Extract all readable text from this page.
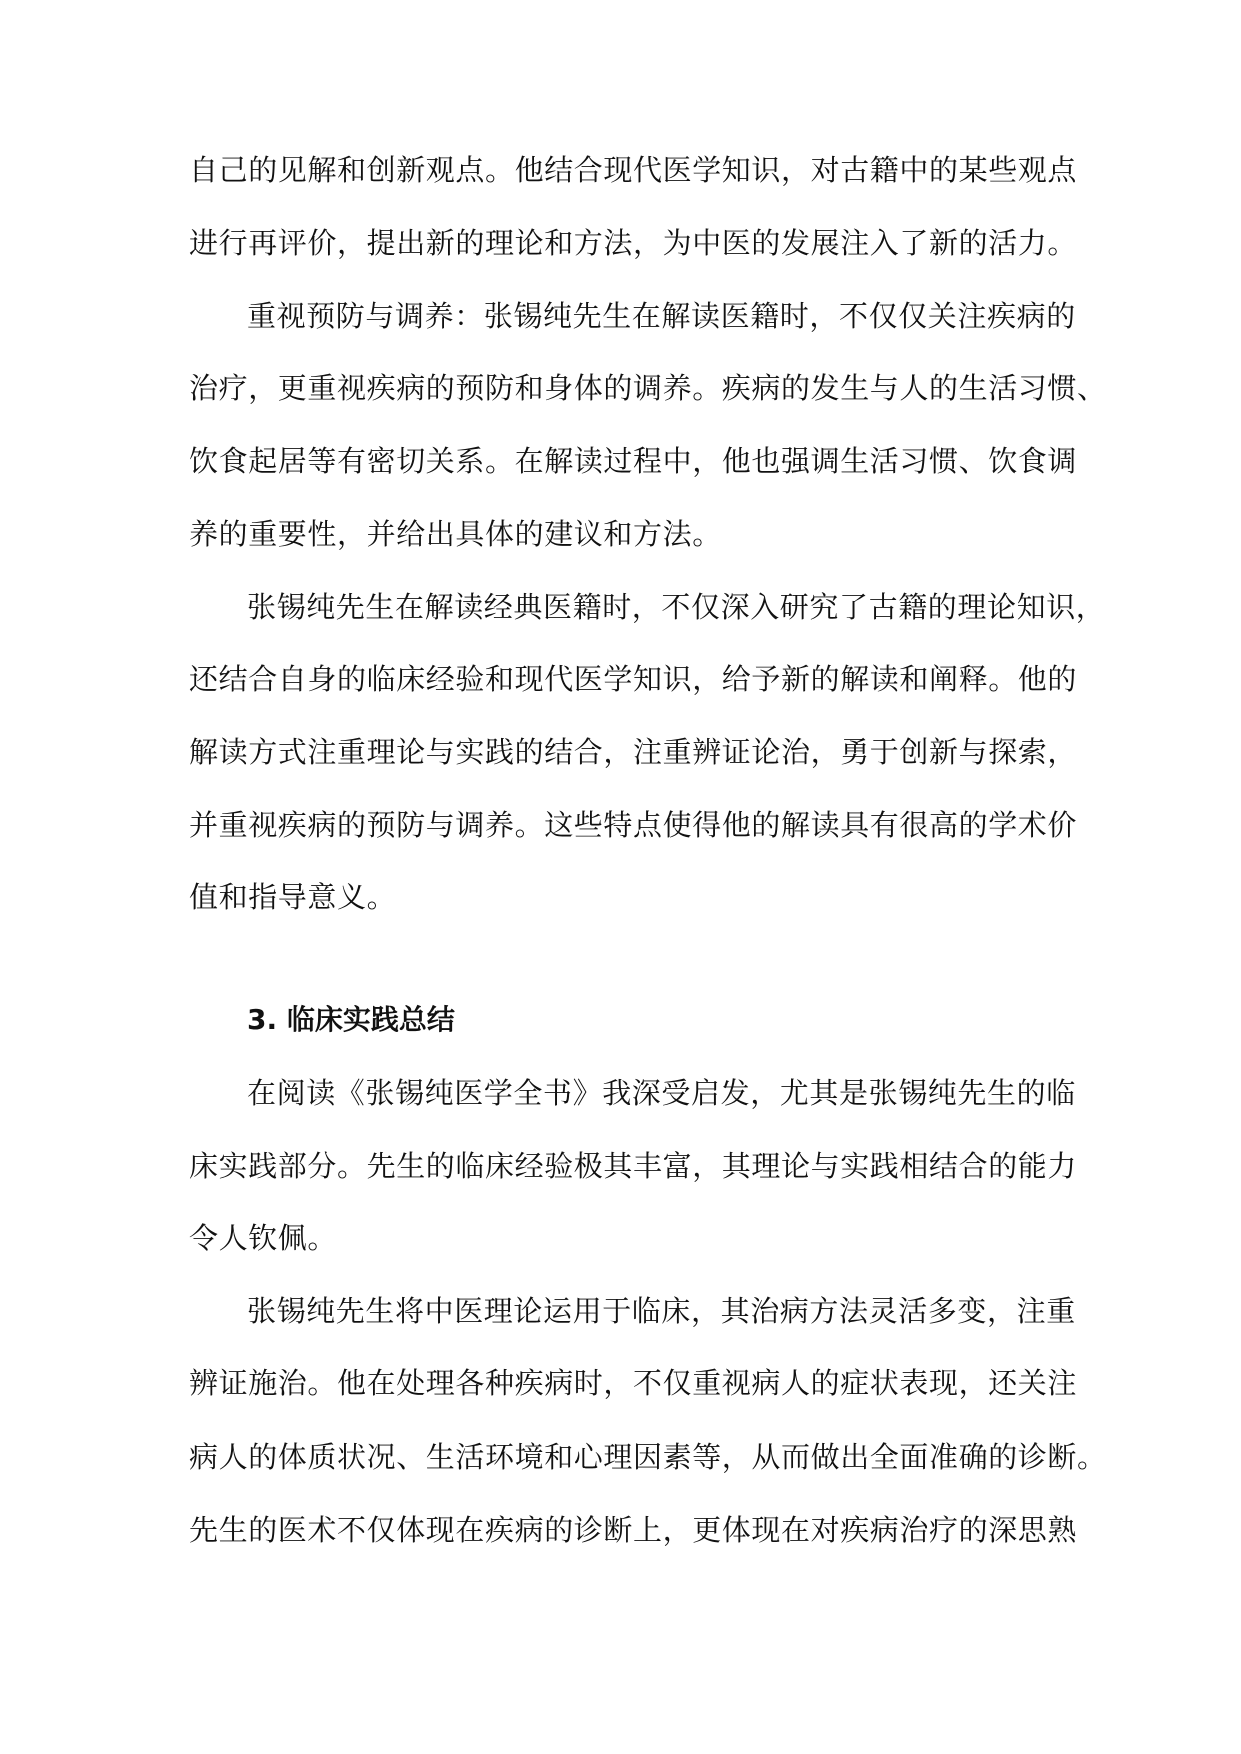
自己的见解和创新观点。他结合现代医学知识，对古籍中的某些观点
进行再评价，提出新的理论和方法，为中医的发展注入了新的活力。
重视预防与调养：张锡纯先生在解读医籍时，不仅仅关注疾病的
治疗，更重视疾病的预防和身体的调养。疾病的发生与人的生活习惯、
饮食起居等有密切关系。在解读过程中，他也强调生活习惯、饮食调
养的重要性，并给出具体的建议和方法。
张锡纯先生在解读经典医籍时，不仅深入研究了古籍的理论知识，
还结合自身的临床经验和现代医学知识，给予新的解读和阐释。他的
解读方式注重理论与实践的结合，注重辨证论治，勇于创新与探索，
并重视疾病的预防与调养。这些特点使得他的解读具有很高的学术价
值和指导意义。
3. 临床实践总结
在阅读《张锡纯医学全书》我深受启发，尤其是张锡纯先生的临
床实践部分。先生的临床经验极其丰富，其理论与实践相结合的能力
令人钦佩。
张锡纯先生将中医理论运用于临床，其治病方法灵活多变，注重
辨证施治。他在处理各种疾病时，不仅重视病人的症状表现，还关注
病人的体质状况、生活环境和心理因素等，从而做出全面准确的诊断。
先生的医术不仅体现在疾病的诊断上，更体现在对疾病治疗的深思熟
